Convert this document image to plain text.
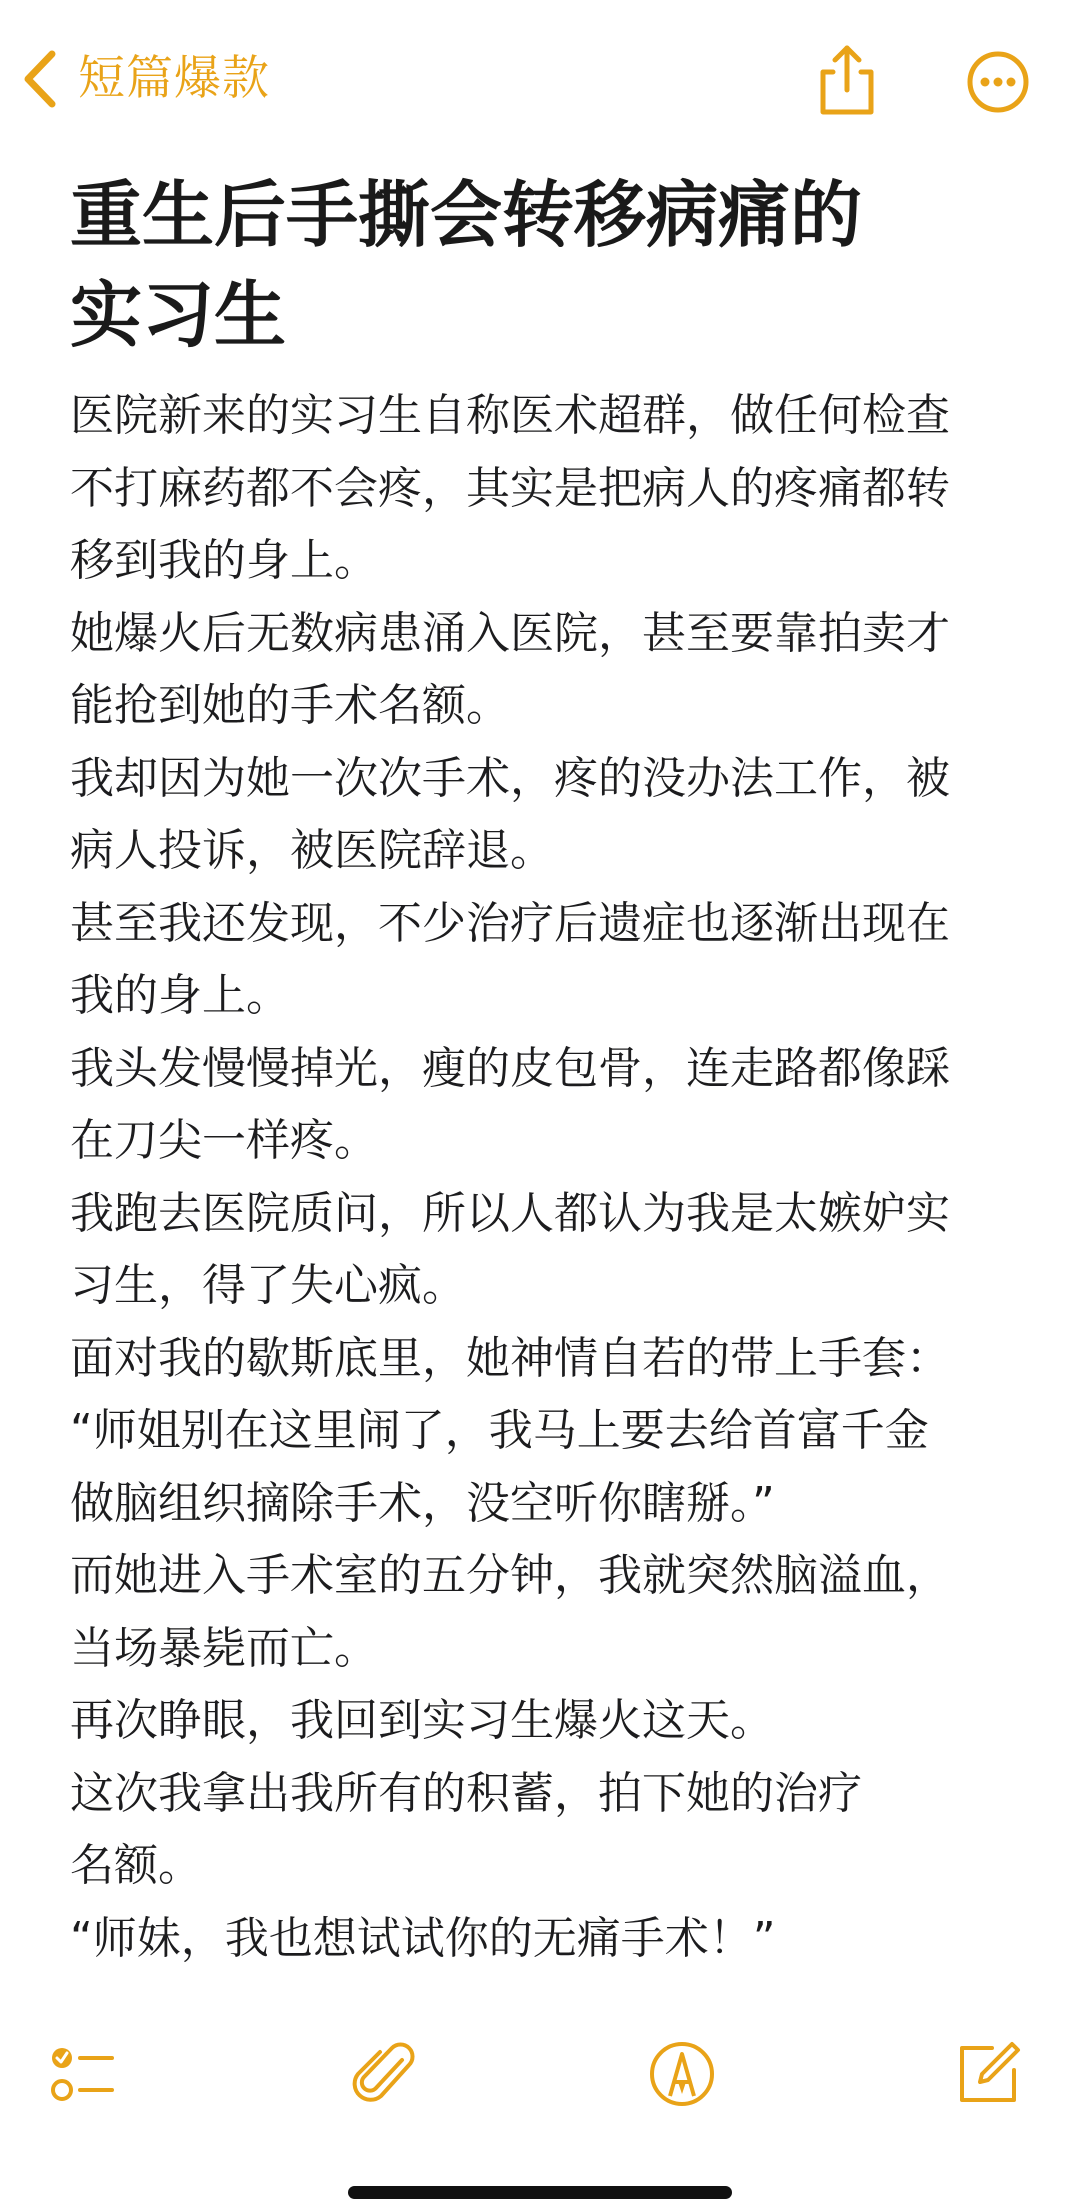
短篇爆款
重生后手撕会转移病痛的
实习生

医院新来的实习生自称医术超群，做任何检查
不打麻药都不会疼，其实是把病人的疼痛都转
移到我的身上。

她爆火后无数病患涌入医院，甚至要靠拍卖才
能抢到她的手术名额。

我却因为她一次次手术，疼的没办法工作，被
病人投诉，被医院辞退。

甚至我还发现，不少治疗后遗症也逐渐出现在
我的身上。

我头发慢慢掉光，瘦的皮包骨，连走路都像踩
在刀尖一样疼。

我跑去医院质问，所以人都认为我是太嫉妒实
习生，得了失心疯。

面对我的歇斯底里，她神情自若的带上手套：

“师姐别在这里闹了，我马上要去给首富千金
做脑组织摘除手术，没空听你瞎掰。”

而她进入手术室的五分钟，我就突然脑溢血，
当场暴毙而亡。

再次睁眼，我回到实习生爆火这天。

这次我拿出我所有的积蓄，拍下她的治疗
名额。

“师妹，我也想试试你的无痛手术！”
